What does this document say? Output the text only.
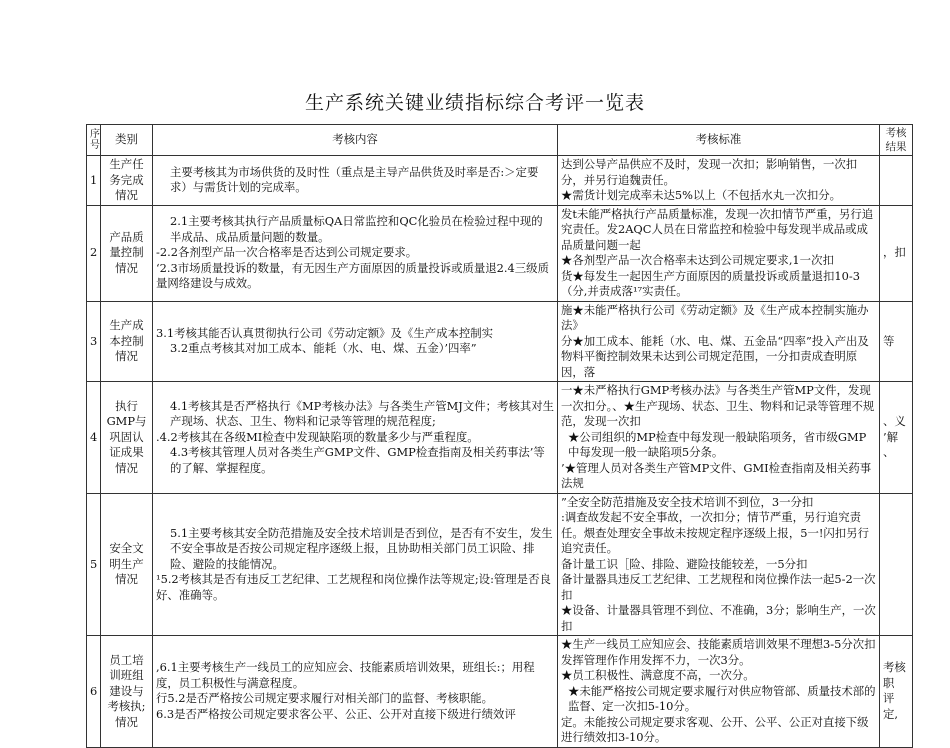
生产系统关键业绩指标综合考评一览表
序号	类别	考核内容	考核标准	考核结果
1	生产任务完成情况	主要考核其为市场供货的及时性（重点是主导产品供货及时率是否:＞定要求）与需货计划的完成率。	达到公导产品供应不及时，发现一次扣；影响销售，一次扣分，并另行追魏责任。
★需货计划完成率未达5%以上（不包括水丸一次扣分。	

2	产品质量控制情况	2.1主要考核其执行产品质量标QA日常监控和QC化验员在检验过程中现的半成品、成品质量问题的数量。
-2.2各剂型产品一次合格率是否达到公司规定要求。
‘2.3市场质量投诉的数量，有无因生产方面原因的质量投诉或质量退2.4三级质量网络建设与成效。	发t未能严格执行产品质量标准，发现一次扣情节严重，另行追究责任。发2AQC人员在日常监控和检验中每发现半成品或成品质量问题一起
★各剂型产品一次合格率未达到公司规定要求,1一次扣
货★每发生一起因生产方面原因的质量投诉或质量退扣10-3（分,并责成落¹⁷实责任。	，扣
3	生产成本控制情况	3.1考核其能否认真贯彻执行公司《劳动定额》及《生产成本控制实
3.2重点考核其对加工成本、能耗（水、电、煤、五金）’四率”	施★未能严格执行公司《劳动定额》及《生产成本控制实施办法》
分★加工成本、能耗（水、电、煤、五金品“四率”投入产出及物料平衡控制效果未达到公司规定范围，一分扣责成查明原因，落	等
4	执行GMP与巩固认证成果情况	4.1考核其是否严格执行《MP考核办法》与各类生产管MJ文件；考核其对生产现场、状态、卫生、物料和记录等管理的规范程度;
.4.2考核其在各级MI检查中发现缺陷项的数量多少与严重程度。
4.3考核其管理人员对各类生产GMP文件、GMP检查指南及相关药事法’等的了解、掌握程度。	一★未严格执行GMP考核办法》与各类生产管MP文件，发现一次扣分。、★生产现场、状态、卫生、物料和记录等管理不规范，发现一次扣
★公司组织的MP检查中每发现一般缺陷项务，省市级GMP中每发现一般一缺陷项5分条。
’★管理人员对各类生产管MP文件、GMI检查指南及相关药事法规	、义 ’解 、
5	安全文明生产情况	5.1主要考核其安全防范措施及安全技术培训是否到位，是否有不安生，发生不安全事故是否按公司规定程序逐级上报，且协助相关部门员工识险、排险、避险的技能情况。
¹5.2考核其是否有违反工艺纪律、工艺规程和岗位操作法等规定;设:管理是否良好、准确等。	”全安全防范措施及安全技术培训不到位，3一分扣
:调查故发起不安全事故，一次扣分；情节严重，另行追究责任。煨查处理安全事故未按规定程序逐级上报，5一!闪扣另行追究责任。
备计量工识［险、排险、避险技能较差，一5分扣
备计量器具违反工艺纪律、工艺规程和岗位操作法一起5-2一次扣
★设备、计量器具管理不到位、不准确，3分；影响生产，一次扣	

6	员工培训班组建设与考核执;情况	,6.1主要考核生产一线员工的应知应会、技能素质培训效果，班组长:；用程度，员工积极性与满意程度。
行5.2是否严格按公司规定要求履行对相关部门的监督、考核职能。
6.3是否严格按公司规定要求客公平、公正、公开对直接下级进行绩效评	★生产一线员工应知应会、技能素质培训效果不理想3-5分次扣发挥管理作作用发挥不力，一次3分。
★员工积极性、满意度不高，一次分。
★未能严格按公司规定要求履行对供应物管部、质量技术部的监督、定一次扣5-10分。
定。未能按公司规定要求客观、公开、公平、公正对直接下级进行绩效扣3-10分。	考核职 评定,
